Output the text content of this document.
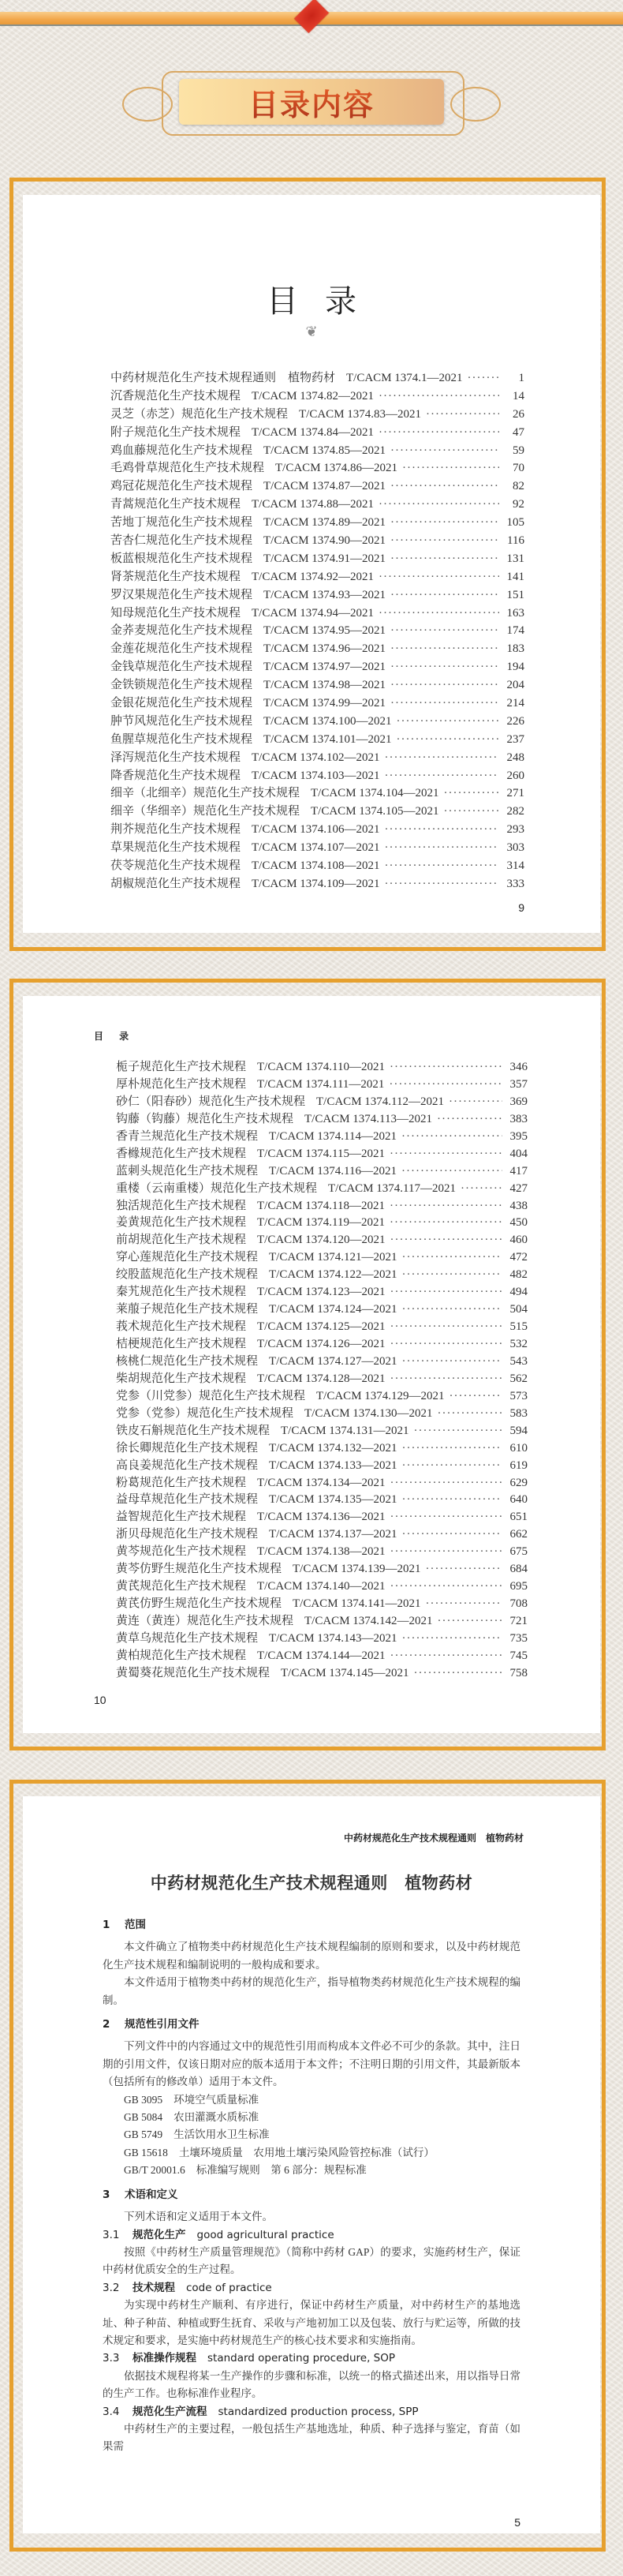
目录内容
目录
❦
中药材规范化生产技术规程通则　植物药材 T/CACM 1374.1—2021 ·····	1
沉香规范化生产技术规程 T/CACM 1374.82—2021 ·····	14
灵芝（赤芝）规范化生产技术规程 T/CACM 1374.83—2021 ·····	26
附子规范化生产技术规程 T/CACM 1374.84—2021 ·····	47
鸡血藤规范化生产技术规程 T/CACM 1374.85—2021 ·····	59
毛鸡骨草规范化生产技术规程 T/CACM 1374.86—2021 ·····	70
鸡冠花规范化生产技术规程 T/CACM 1374.87—2021 ·····	82
青蒿规范化生产技术规程 T/CACM 1374.88—2021 ·····	92
苦地丁规范化生产技术规程 T/CACM 1374.89—2021 ·····	105
苦杏仁规范化生产技术规程 T/CACM 1374.90—2021 ·····	116
板蓝根规范化生产技术规程 T/CACM 1374.91—2021 ·····	131
肾茶规范化生产技术规程 T/CACM 1374.92—2021 ·····	141
罗汉果规范化生产技术规程 T/CACM 1374.93—2021 ·····	151
知母规范化生产技术规程 T/CACM 1374.94—2021 ·····	163
金荞麦规范化生产技术规程 T/CACM 1374.95—2021 ·····	174
金莲花规范化生产技术规程 T/CACM 1374.96—2021 ·····	183
金钱草规范化生产技术规程 T/CACM 1374.97—2021 ·····	194
金铁锁规范化生产技术规程 T/CACM 1374.98—2021 ·····	204
金银花规范化生产技术规程 T/CACM 1374.99—2021 ·····	214
肿节风规范化生产技术规程 T/CACM 1374.100—2021 ·····	226
鱼腥草规范化生产技术规程 T/CACM 1374.101—2021 ·····	237
泽泻规范化生产技术规程 T/CACM 1374.102—2021 ·····	248
降香规范化生产技术规程 T/CACM 1374.103—2021 ·····	260
细辛（北细辛）规范化生产技术规程 T/CACM 1374.104—2021 ·····	271
细辛（华细辛）规范化生产技术规程 T/CACM 1374.105—2021 ·····	282
荆芥规范化生产技术规程 T/CACM 1374.106—2021 ·····	293
草果规范化生产技术规程 T/CACM 1374.107—2021 ·····	303
茯苓规范化生产技术规程 T/CACM 1374.108—2021 ·····	314
胡椒规范化生产技术规程 T/CACM 1374.109—2021 ·····	333
9
目 录
栀子规范化生产技术规程 T/CACM 1374.110—2021 ·····	346
厚朴规范化生产技术规程 T/CACM 1374.111—2021 ·····	357
砂仁（阳春砂）规范化生产技术规程 T/CACM 1374.112—2021 ·····	369
钩藤（钩藤）规范化生产技术规程 T/CACM 1374.113—2021 ·····	383
香青兰规范化生产技术规程 T/CACM 1374.114—2021 ·····	395
香橼规范化生产技术规程 T/CACM 1374.115—2021 ·····	404
蓝刺头规范化生产技术规程 T/CACM 1374.116—2021 ·····	417
重楼（云南重楼）规范化生产技术规程 T/CACM 1374.117—2021 ·····	427
独活规范化生产技术规程 T/CACM 1374.118—2021 ·····	438
姜黄规范化生产技术规程 T/CACM 1374.119—2021 ·····	450
前胡规范化生产技术规程 T/CACM 1374.120—2021 ·····	460
穿心莲规范化生产技术规程 T/CACM 1374.121—2021 ·····	472
绞股蓝规范化生产技术规程 T/CACM 1374.122—2021 ·····	482
秦艽规范化生产技术规程 T/CACM 1374.123—2021 ·····	494
莱菔子规范化生产技术规程 T/CACM 1374.124—2021 ·····	504
莪术规范化生产技术规程 T/CACM 1374.125—2021 ·····	515
桔梗规范化生产技术规程 T/CACM 1374.126—2021 ·····	532
核桃仁规范化生产技术规程 T/CACM 1374.127—2021 ·····	543
柴胡规范化生产技术规程 T/CACM 1374.128—2021 ·····	562
党参（川党参）规范化生产技术规程 T/CACM 1374.129—2021 ·····	573
党参（党参）规范化生产技术规程 T/CACM 1374.130—2021 ·····	583
铁皮石斛规范化生产技术规程 T/CACM 1374.131—2021 ·····	594
徐长卿规范化生产技术规程 T/CACM 1374.132—2021 ·····	610
高良姜规范化生产技术规程 T/CACM 1374.133—2021 ·····	619
粉葛规范化生产技术规程 T/CACM 1374.134—2021 ·····	629
益母草规范化生产技术规程 T/CACM 1374.135—2021 ·····	640
益智规范化生产技术规程 T/CACM 1374.136—2021 ·····	651
浙贝母规范化生产技术规程 T/CACM 1374.137—2021 ·····	662
黄芩规范化生产技术规程 T/CACM 1374.138—2021 ·····	675
黄芩仿野生规范化生产技术规程 T/CACM 1374.139—2021 ·····	684
黄芪规范化生产技术规程 T/CACM 1374.140—2021 ·····	695
黄芪仿野生规范化生产技术规程 T/CACM 1374.141—2021 ·····	708
黄连（黄连）规范化生产技术规程 T/CACM 1374.142—2021 ·····	721
黄草乌规范化生产技术规程 T/CACM 1374.143—2021 ·····	735
黄柏规范化生产技术规程 T/CACM 1374.144—2021 ·····	745
黄蜀葵花规范化生产技术规程 T/CACM 1374.145—2021 ·····	758
10
中药材规范化生产技术规程通则　植物药材
中药材规范化生产技术规程通则　植物药材
1 范围

本文件确立了植物类中药材规范化生产技术规程编制的原则和要求，以及中药材规范化生产技术规程和编制说明的一般构成和要求。

本文件适用于植物类中药材的规范化生产，指导植物类药材规范化生产技术规程的编制。

2 规范性引用文件

下列文件中的内容通过文中的规范性引用而构成本文件必不可少的条款。其中，注日期的引用文件，仅该日期对应的版本适用于本文件；不注明日期的引用文件，其最新版本（包括所有的修改单）适用于本文件。

GB 3095 环境空气质量标准
GB 5084 农田灌溉水质标准
GB 5749 生活饮用水卫生标准
GB 15618 土壤环境质量　农用地土壤污染风险管控标准（试行）
GB/T 20001.6 标准编写规则　第 6 部分：规程标准
3 术语和定义

下列术语和定义适用于本文件。

3.1 规范化生产 good agricultural practice

按照《中药材生产质量管理规范》（简称中药材 GAP）的要求，实施药材生产，保证中药材优质安全的生产过程。

3.2 技术规程 code of practice

为实现中药材生产顺利、有序进行，保证中药材生产质量，对中药材生产的基地选址、种子种苗、种植或野生抚育、采收与产地初加工以及包装、放行与贮运等，所做的技术规定和要求，是实施中药材规范生产的核心技术要求和实施指南。

3.3 标准操作规程 standard operating procedure, SOP

依据技术规程将某一生产操作的步骤和标准，以统一的格式描述出来，用以指导日常的生产工作。也称标准作业程序。

3.4 规范化生产流程 standardized production process, SPP

中药材生产的主要过程，一般包括生产基地选址，种质、种子选择与鉴定，育苗（如果需

5
